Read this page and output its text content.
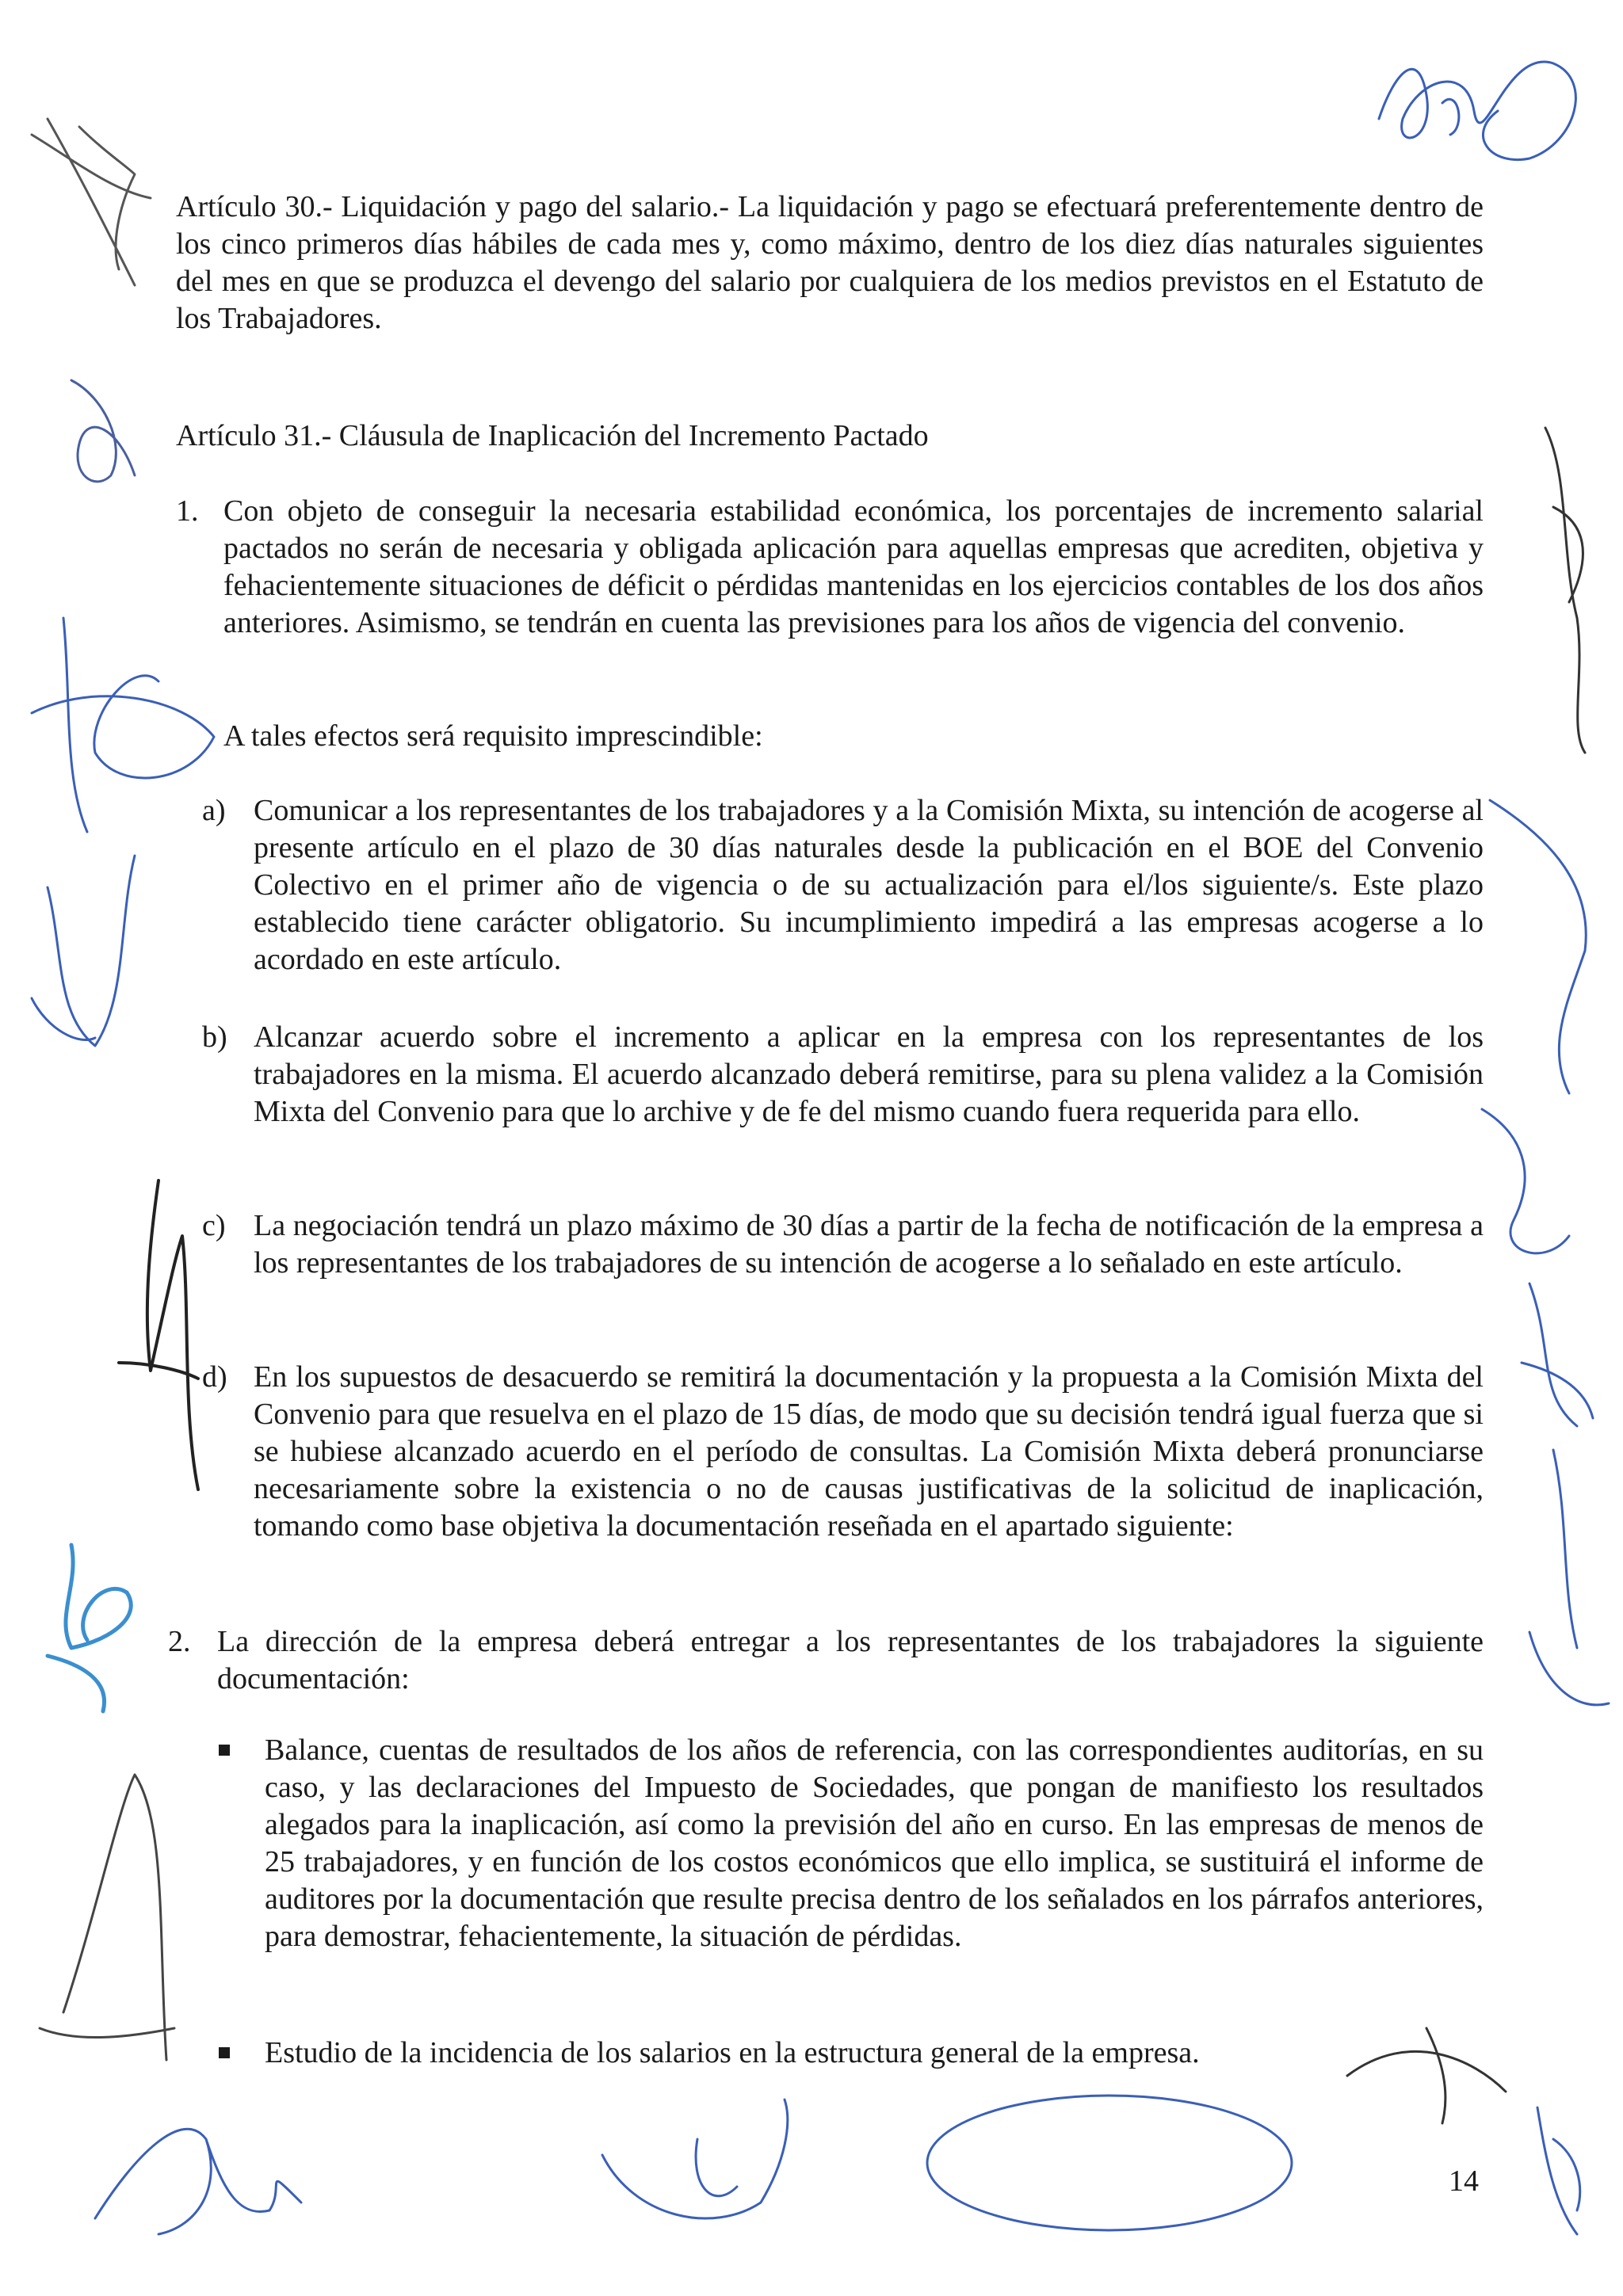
Artículo 30.- Liquidación y pago del salario.- La liquidación y pago se efectuará preferentemente dentro de los cinco primeros días hábiles de cada mes y, como máximo, dentro de los diez días naturales siguientes del mes en que se produzca el devengo del salario por cualquiera de los medios previstos en el Estatuto de los Trabajadores.

Artículo 31.- Cláusula de Inaplicación del Incremento Pactado

1. Con objeto de conseguir la necesaria estabilidad económica, los porcentajes de incremento salarial pactados no serán de necesaria y obligada aplicación para aquellas empresas que acrediten, objetiva y fehacientemente situaciones de déficit o pérdidas mantenidas en los ejercicios contables de los dos años anteriores. Asimismo, se tendrán en cuenta las previsiones para los años de vigencia del convenio.

A tales efectos será requisito imprescindible:

a) Comunicar a los representantes de los trabajadores y a la Comisión Mixta, su intención de acogerse al presente artículo en el plazo de 30 días naturales desde la publicación en el BOE del Convenio Colectivo en el primer año de vigencia o de su actualización para el/los siguiente/s. Este plazo establecido tiene carácter obligatorio. Su incumplimiento impedirá a las empresas acogerse a lo acordado en este artículo.

b) Alcanzar acuerdo sobre el incremento a aplicar en la empresa con los representantes de los trabajadores en la misma. El acuerdo alcanzado deberá remitirse, para su plena validez a la Comisión Mixta del Convenio para que lo archive y de fe del mismo cuando fuera requerida para ello.

c) La negociación tendrá un plazo máximo de 30 días a partir de la fecha de notificación de la empresa a los representantes de los trabajadores de su intención de acogerse a lo señalado en este artículo.

d) En los supuestos de desacuerdo se remitirá la documentación y la propuesta a la Comisión Mixta del Convenio para que resuelva en el plazo de 15 días, de modo que su decisión tendrá igual fuerza que si se hubiese alcanzado acuerdo en el período de consultas. La Comisión Mixta deberá pronunciarse necesariamente sobre la existencia o no de causas justificativas de la solicitud de inaplicación, tomando como base objetiva la documentación reseñada en el apartado siguiente:

2. La dirección de la empresa deberá entregar a los representantes de los trabajadores la siguiente documentación:

Balance, cuentas de resultados de los años de referencia, con las correspondientes auditorías, en su caso, y las declaraciones del Impuesto de Sociedades, que pongan de manifiesto los resultados alegados para la inaplicación, así como la previsión del año en curso. En las empresas de menos de 25 trabajadores, y en función de los costos económicos que ello implica, se sustituirá el informe de auditores por la documentación que resulte precisa dentro de los señalados en los párrafos anteriores, para demostrar, fehacientemente, la situación de pérdidas.

Estudio de la incidencia de los salarios en la estructura general de la empresa.

14
